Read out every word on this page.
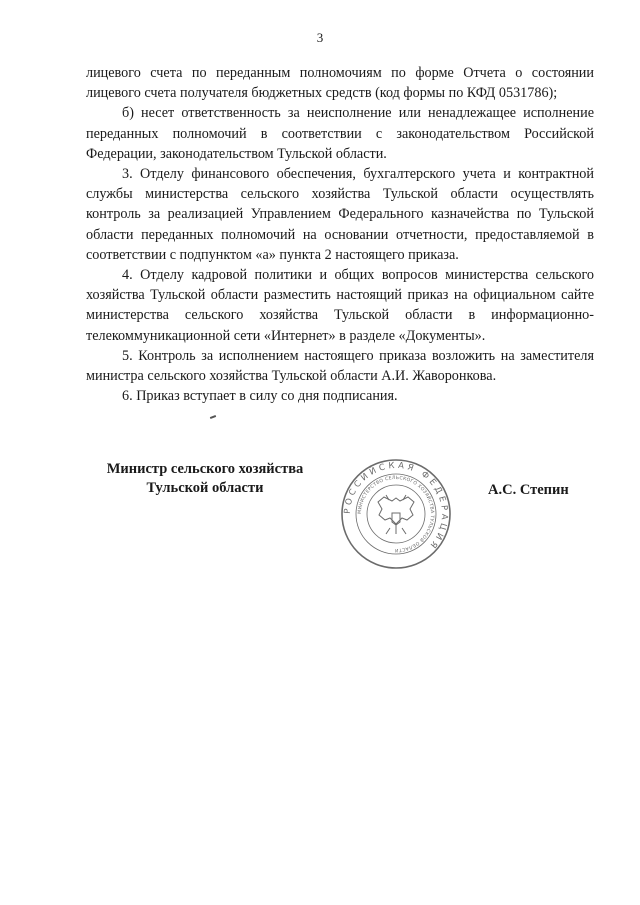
3

лицевого счета по переданным полномочиям по форме Отчета о состоянии лицевого счета получателя бюджетных средств (код формы по КФД 0531786);

б) несет ответственность за неисполнение или ненадлежащее исполнение переданных полномочий в соответствии с законодательством Российской Федерации, законодательством Тульской области.

3. Отделу финансового обеспечения, бухгалтерского учета и контрактной службы министерства сельского хозяйства Тульской области осуществлять контроль за реализацией Управлением Федерального казначейства по Тульской области переданных полномочий на основании отчетности, предоставляемой в соответствии с подпунктом «а» пункта 2 настоящего приказа.

4. Отделу кадровой политики и общих вопросов министерства сельского хозяйства Тульской области разместить настоящий приказ на официальном сайте министерства сельского хозяйства Тульской области в информационно-телекоммуникационной сети «Интернет» в разделе «Документы».

5. Контроль за исполнением настоящего приказа возложить на заместителя министра сельского хозяйства Тульской области А.И. Жаворонкова.

6. Приказ вступает в силу со дня подписания.

Министр сельского хозяйства
Тульской области
РОССИЙСКАЯ ФЕДЕРАЦИЯ
МИНИСТЕРСТВО СЕЛЬСКОГО ХОЗЯЙСТВА ТУЛЬСКОЙ ОБЛАСТИ
А.С. Степин
